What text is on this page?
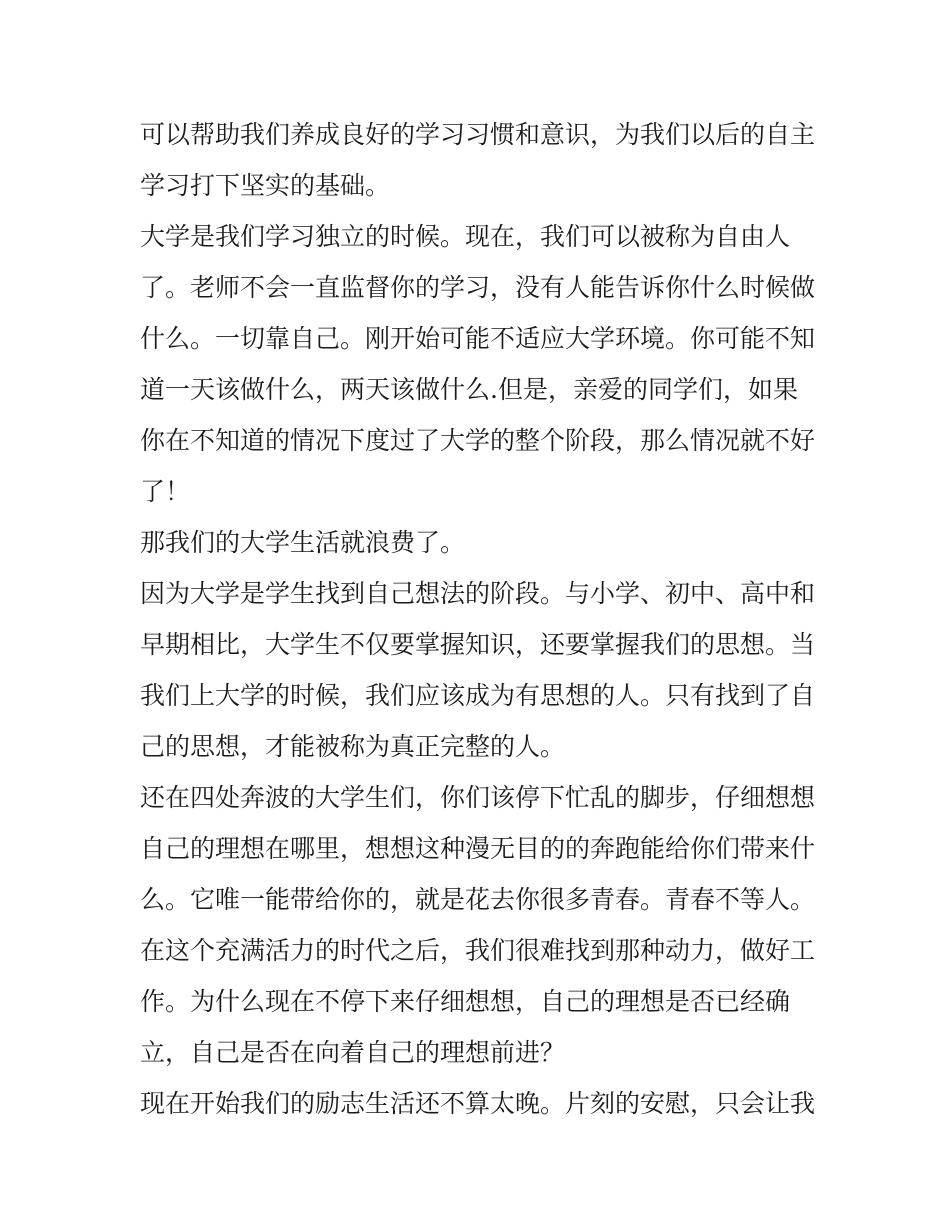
可以帮助我们养成良好的学习习惯和意识，为我们以后的自主
学习打下坚实的基础。
大学是我们学习独立的时候。现在，我们可以被称为自由人
了。老师不会一直监督你的学习，没有人能告诉你什么时候做
什么。一切靠自己。刚开始可能不适应大学环境。你可能不知
道一天该做什么，两天该做什么.但是，亲爱的同学们，如果
你在不知道的情况下度过了大学的整个阶段，那么情况就不好
了！
那我们的大学生活就浪费了。
因为大学是学生找到自己想法的阶段。与小学、初中、高中和
早期相比，大学生不仅要掌握知识，还要掌握我们的思想。当
我们上大学的时候，我们应该成为有思想的人。只有找到了自
己的思想，才能被称为真正完整的人。
还在四处奔波的大学生们，你们该停下忙乱的脚步，仔细想想
自己的理想在哪里，想想这种漫无目的的奔跑能给你们带来什
么。它唯一能带给你的，就是花去你很多青春。青春不等人。
在这个充满活力的时代之后，我们很难找到那种动力，做好工
作。为什么现在不停下来仔细想想，自己的理想是否已经确
立，自己是否在向着自己的理想前进？
现在开始我们的励志生活还不算太晚。片刻的安慰，只会让我
